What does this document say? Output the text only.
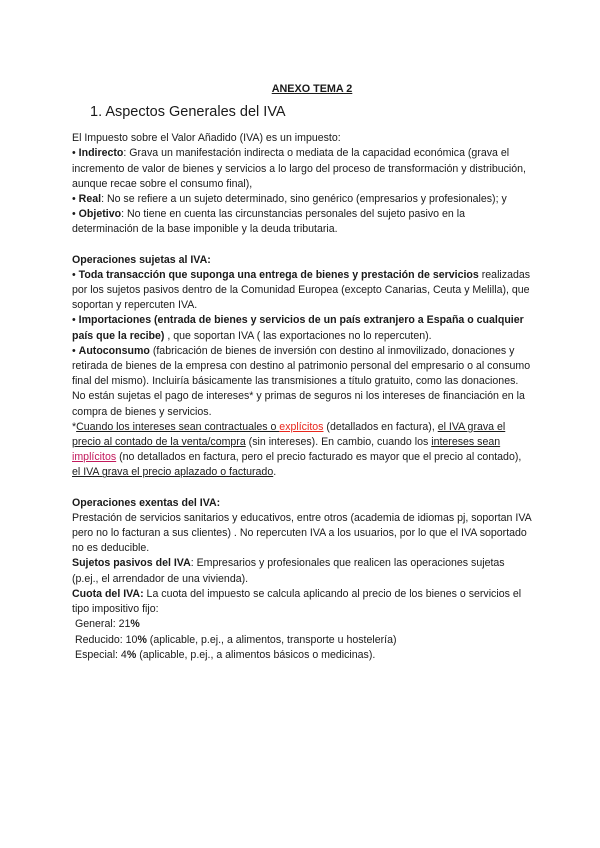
ANEXO TEMA 2

1. Aspectos Generales del IVA

El Impuesto sobre el Valor Añadido (IVA) es un impuesto:

• Indirecto: Grava un manifestación indirecta o mediata de la capacidad económica (grava el incremento de valor de bienes y servicios a lo largo del proceso de transformación y distribución, aunque recae sobre el consumo final),

• Real: No se refiere a un sujeto determinado, sino genérico (empresarios y profesionales); y

• Objetivo: No tiene en cuenta las circunstancias personales del sujeto pasivo en la determinación de la base imponible y la deuda tributaria.

Operaciones sujetas al IVA:

• Toda transacción que suponga una entrega de bienes y prestación de servicios realizadas por los sujetos pasivos dentro de la Comunidad Europea (excepto Canarias, Ceuta y Melilla), que soportan y repercuten IVA.

• Importaciones (entrada de bienes y servicios de un país extranjero a España o cualquier país que la recibe) , que soportan IVA ( las exportaciones no lo repercuten).

• Autoconsumo (fabricación de bienes de inversión con destino al inmovilizado, donaciones y retirada de bienes de la empresa con destino al patrimonio personal del empresario o al consumo final del mismo). Incluiría básicamente las transmisiones a título gratuito, como las donaciones.

No están sujetas el pago de intereses* y primas de seguros ni los intereses de financiación en la compra de bienes y servicios.

*Cuando los intereses sean contractuales o explícitos (detallados en factura), el IVA grava el precio al contado de la venta/compra (sin intereses). En cambio, cuando los intereses sean implícitos (no detallados en factura, pero el precio facturado es mayor que el precio al contado), el IVA grava el precio aplazado o facturado.

Operaciones exentas del IVA:

Prestación de servicios sanitarios y educativos, entre otros (academia de idiomas pj, soportan IVA pero no lo facturan a sus clientes) . No repercuten IVA a los usuarios, por lo que el IVA soportado no es deducible.

Sujetos pasivos del IVA: Empresarios y profesionales que realicen las operaciones sujetas (p.ej., el arrendador de una vivienda).

Cuota del IVA: La cuota del impuesto se calcula aplicando al precio de los bienes o servicios el tipo impositivo fijo:

General: 21%

Reducido: 10% (aplicable, p.ej., a alimentos, transporte u hostelería)

Especial: 4% (aplicable, p.ej., a alimentos básicos o medicinas).
